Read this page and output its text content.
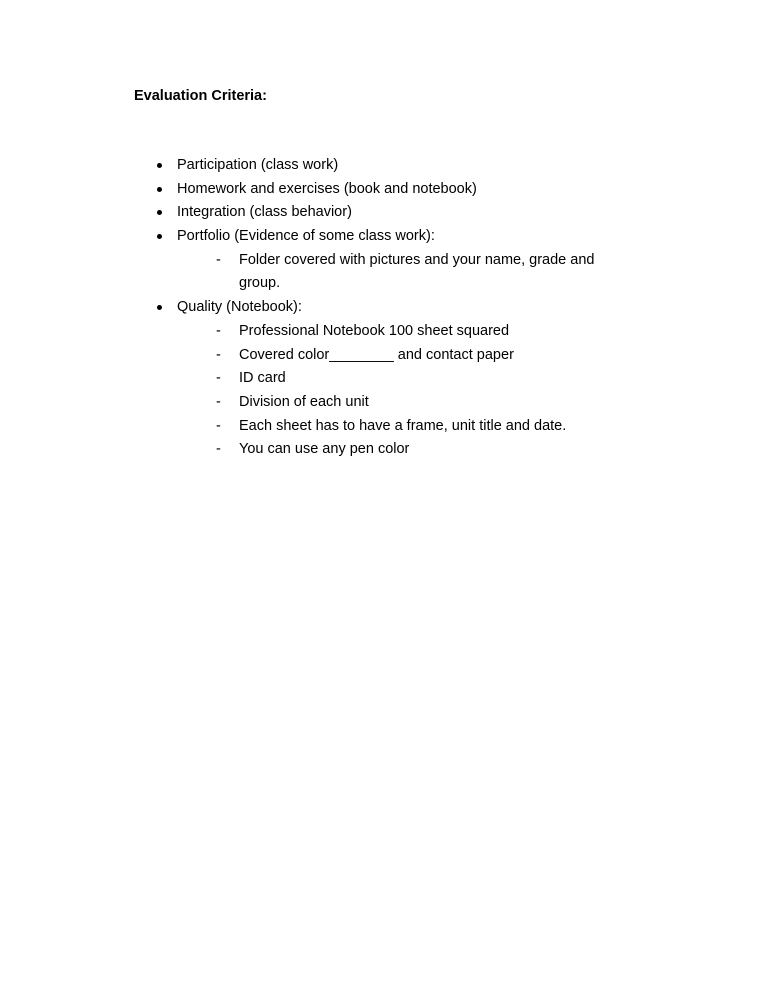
Evaluation Criteria:
Participation (class work)
Homework and exercises (book and notebook)
Integration (class behavior)
Portfolio (Evidence of some class work):
- Folder covered with pictures and your name, grade and group.
Quality (Notebook):
- Professional Notebook 100 sheet squared
- Covered color________ and contact paper
- ID card
- Division of each unit
- Each sheet has to have a frame, unit title and date.
- You can use any pen color
